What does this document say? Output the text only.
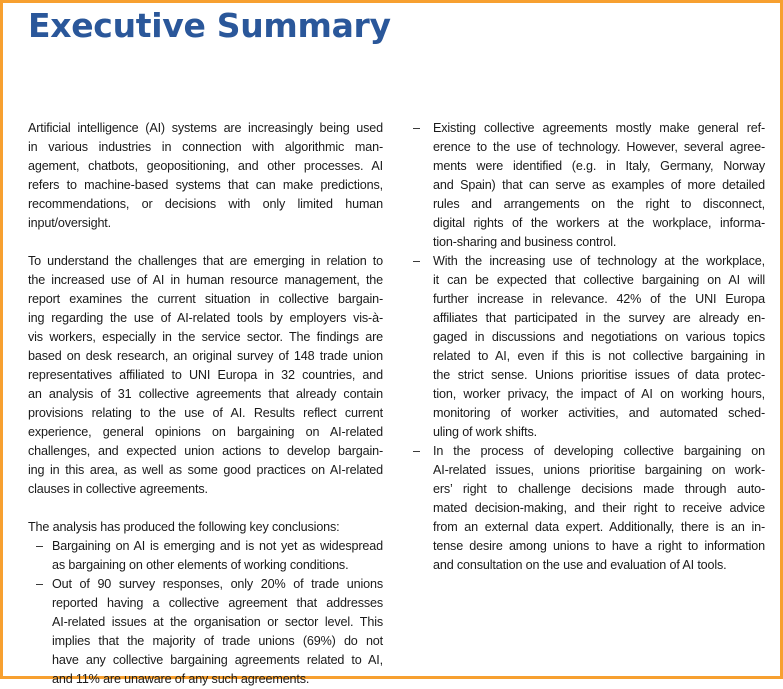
Executive Summary
Artificial intelligence (AI) systems are increasingly being used
in various industries in connection with algorithmic man-
agement, chatbots, geopositioning, and other processes. AI
refers to machine-based systems that can make predictions,
recommendations, or decisions with only limited human
input/oversight.
To understand the challenges that are emerging in relation to
the increased use of AI in human resource management, the
report examines the current situation in collective bargain-
ing regarding the use of AI-related tools by employers vis-à-
vis workers, especially in the service sector. The findings are
based on desk research, an original survey of 148 trade union
representatives affiliated to UNI Europa in 32 countries, and
an analysis of 31 collective agreements that already contain
provisions relating to the use of AI. Results reflect current
experience, general opinions on bargaining on AI-related
challenges, and expected union actions to develop bargain-
ing in this area, as well as some good practices on AI-related
clauses in collective agreements.
The analysis has produced the following key conclusions:
– Bargaining on AI is emerging and is not yet as widespread
as bargaining on other elements of working conditions.
– Out of 90 survey responses, only 20% of trade unions
reported having a collective agreement that addresses
AI-related issues at the organisation or sector level. This
implies that the majority of trade unions (69%) do not
have any collective bargaining agreements related to AI,
and 11% are unaware of any such agreements.
–	Existing collective agreements mostly make general ref-
erence to the use of technology. However, several agree-
ments were identified (e.g. in Italy, Germany, Norway
and Spain) that can serve as examples of more detailed
rules and arrangements on the right to disconnect,
digital rights of the workers at the workplace, informa-
tion-sharing and business control.
–	With the increasing use of technology at the workplace,
it can be expected that collective bargaining on AI will
further increase in relevance. 42% of the UNI Europa
affiliates that participated in the survey are already en-
gaged in discussions and negotiations on various topics
related to AI, even if this is not collective bargaining in
the strict sense. Unions prioritise issues of data protec-
tion, worker privacy, the impact of AI on working hours,
monitoring of worker activities, and automated sched-
uling of work shifts.
–	In the process of developing collective bargaining on
AI-related issues, unions prioritise bargaining on work-
ers’ right to challenge decisions made through auto-
mated decision-making, and their right to receive advice
from an external data expert. Additionally, there is an in-
tense desire among unions to have a right to information
and consultation on the use and evaluation of AI tools.
